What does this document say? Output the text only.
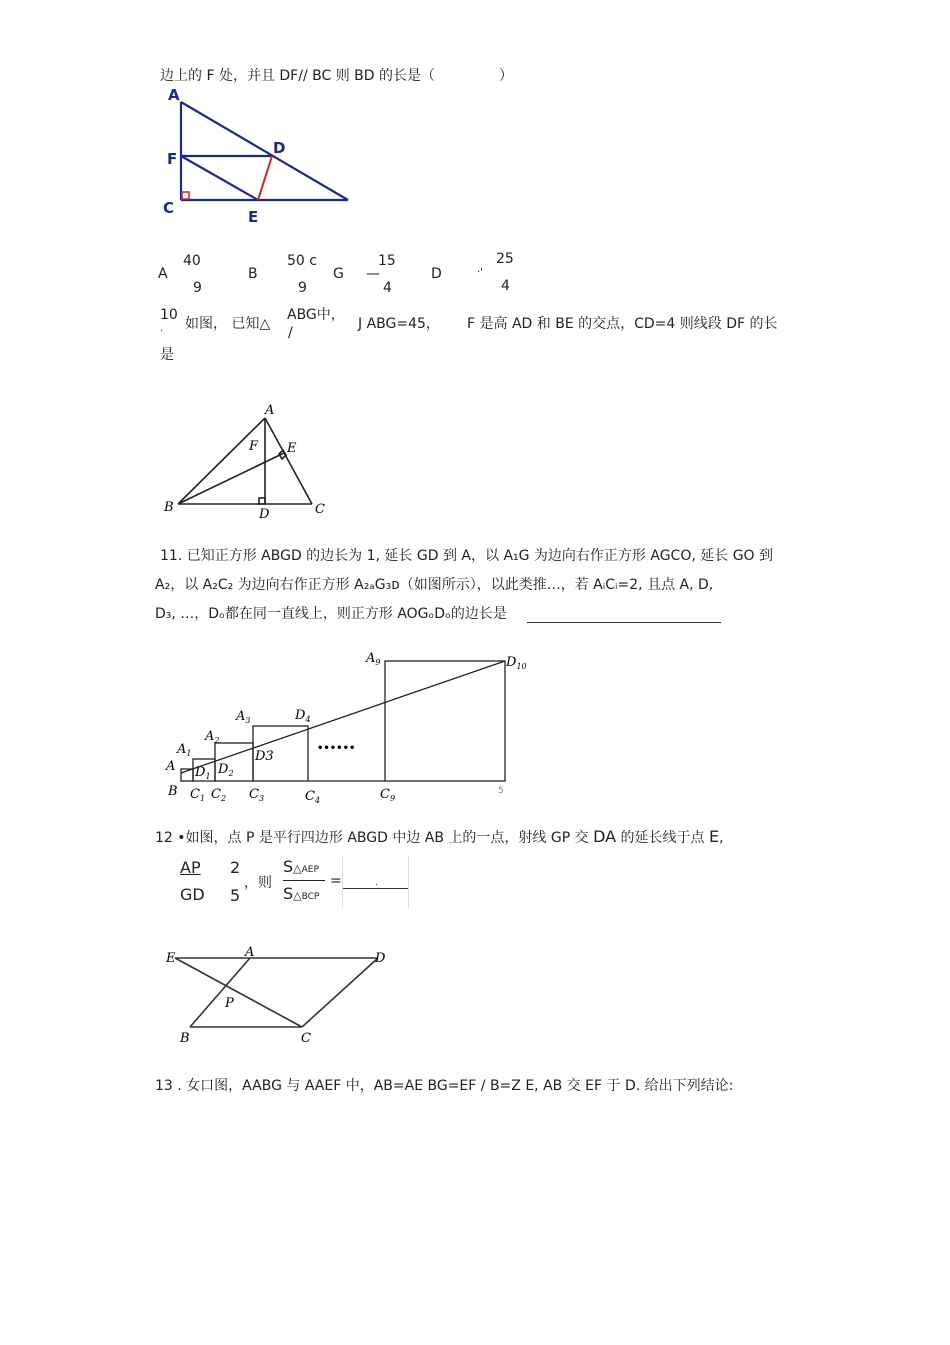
边上的 F 处，并且 DF// BC 则 BD 的长是（	）
A
F
D
C	E
A
40
9
B
50 c
9
G —
15
4
D	·'
25
4
10
· 如图， 已知△
ABG中，
/
J ABG=45， F 是高 AD 和 BE 的交点，CD=4 则线段 DF 的长
是
A
F E
B	D	C
11. 已知正方形 ABGD 的边长为 1, 延长 GD 到 A，以 A₁G 为边向右作正方形 AGCO, 延长 GO 到
A₂，以 A₂C₂ 为边向右作正方形 A₂ₐG₃ᴅ（如图所示），以此类推…，若 AᵢCᵢ=2, 且点 A, D,
D₃, …，Dₒ都在同一直线上，则正方形 AOGₒDₒ的边长是
A
$A_1$
$A_2$
$A_3$
$A_9$
$D_4$
$D_{10}$
$D_1$ $D_2$
D3
B $C_1$ $C_2$ $C_3$	$C_4$	$C_9$
••••••
5
12 •如图，点 P 是平行四边形 ABGD 中边 AB 上的一点，射线 GP 交 DA 的延长线于点 E,
AP
GD
2
5
，则
S△AEP
S△BCP
=	.
E	A	D
P
B	C
13 . 女口图，AABG 与 AAEF 中，AB=AE BG=EF / B=Z E, AB 交 EF 于 D. 给出下列结论:
